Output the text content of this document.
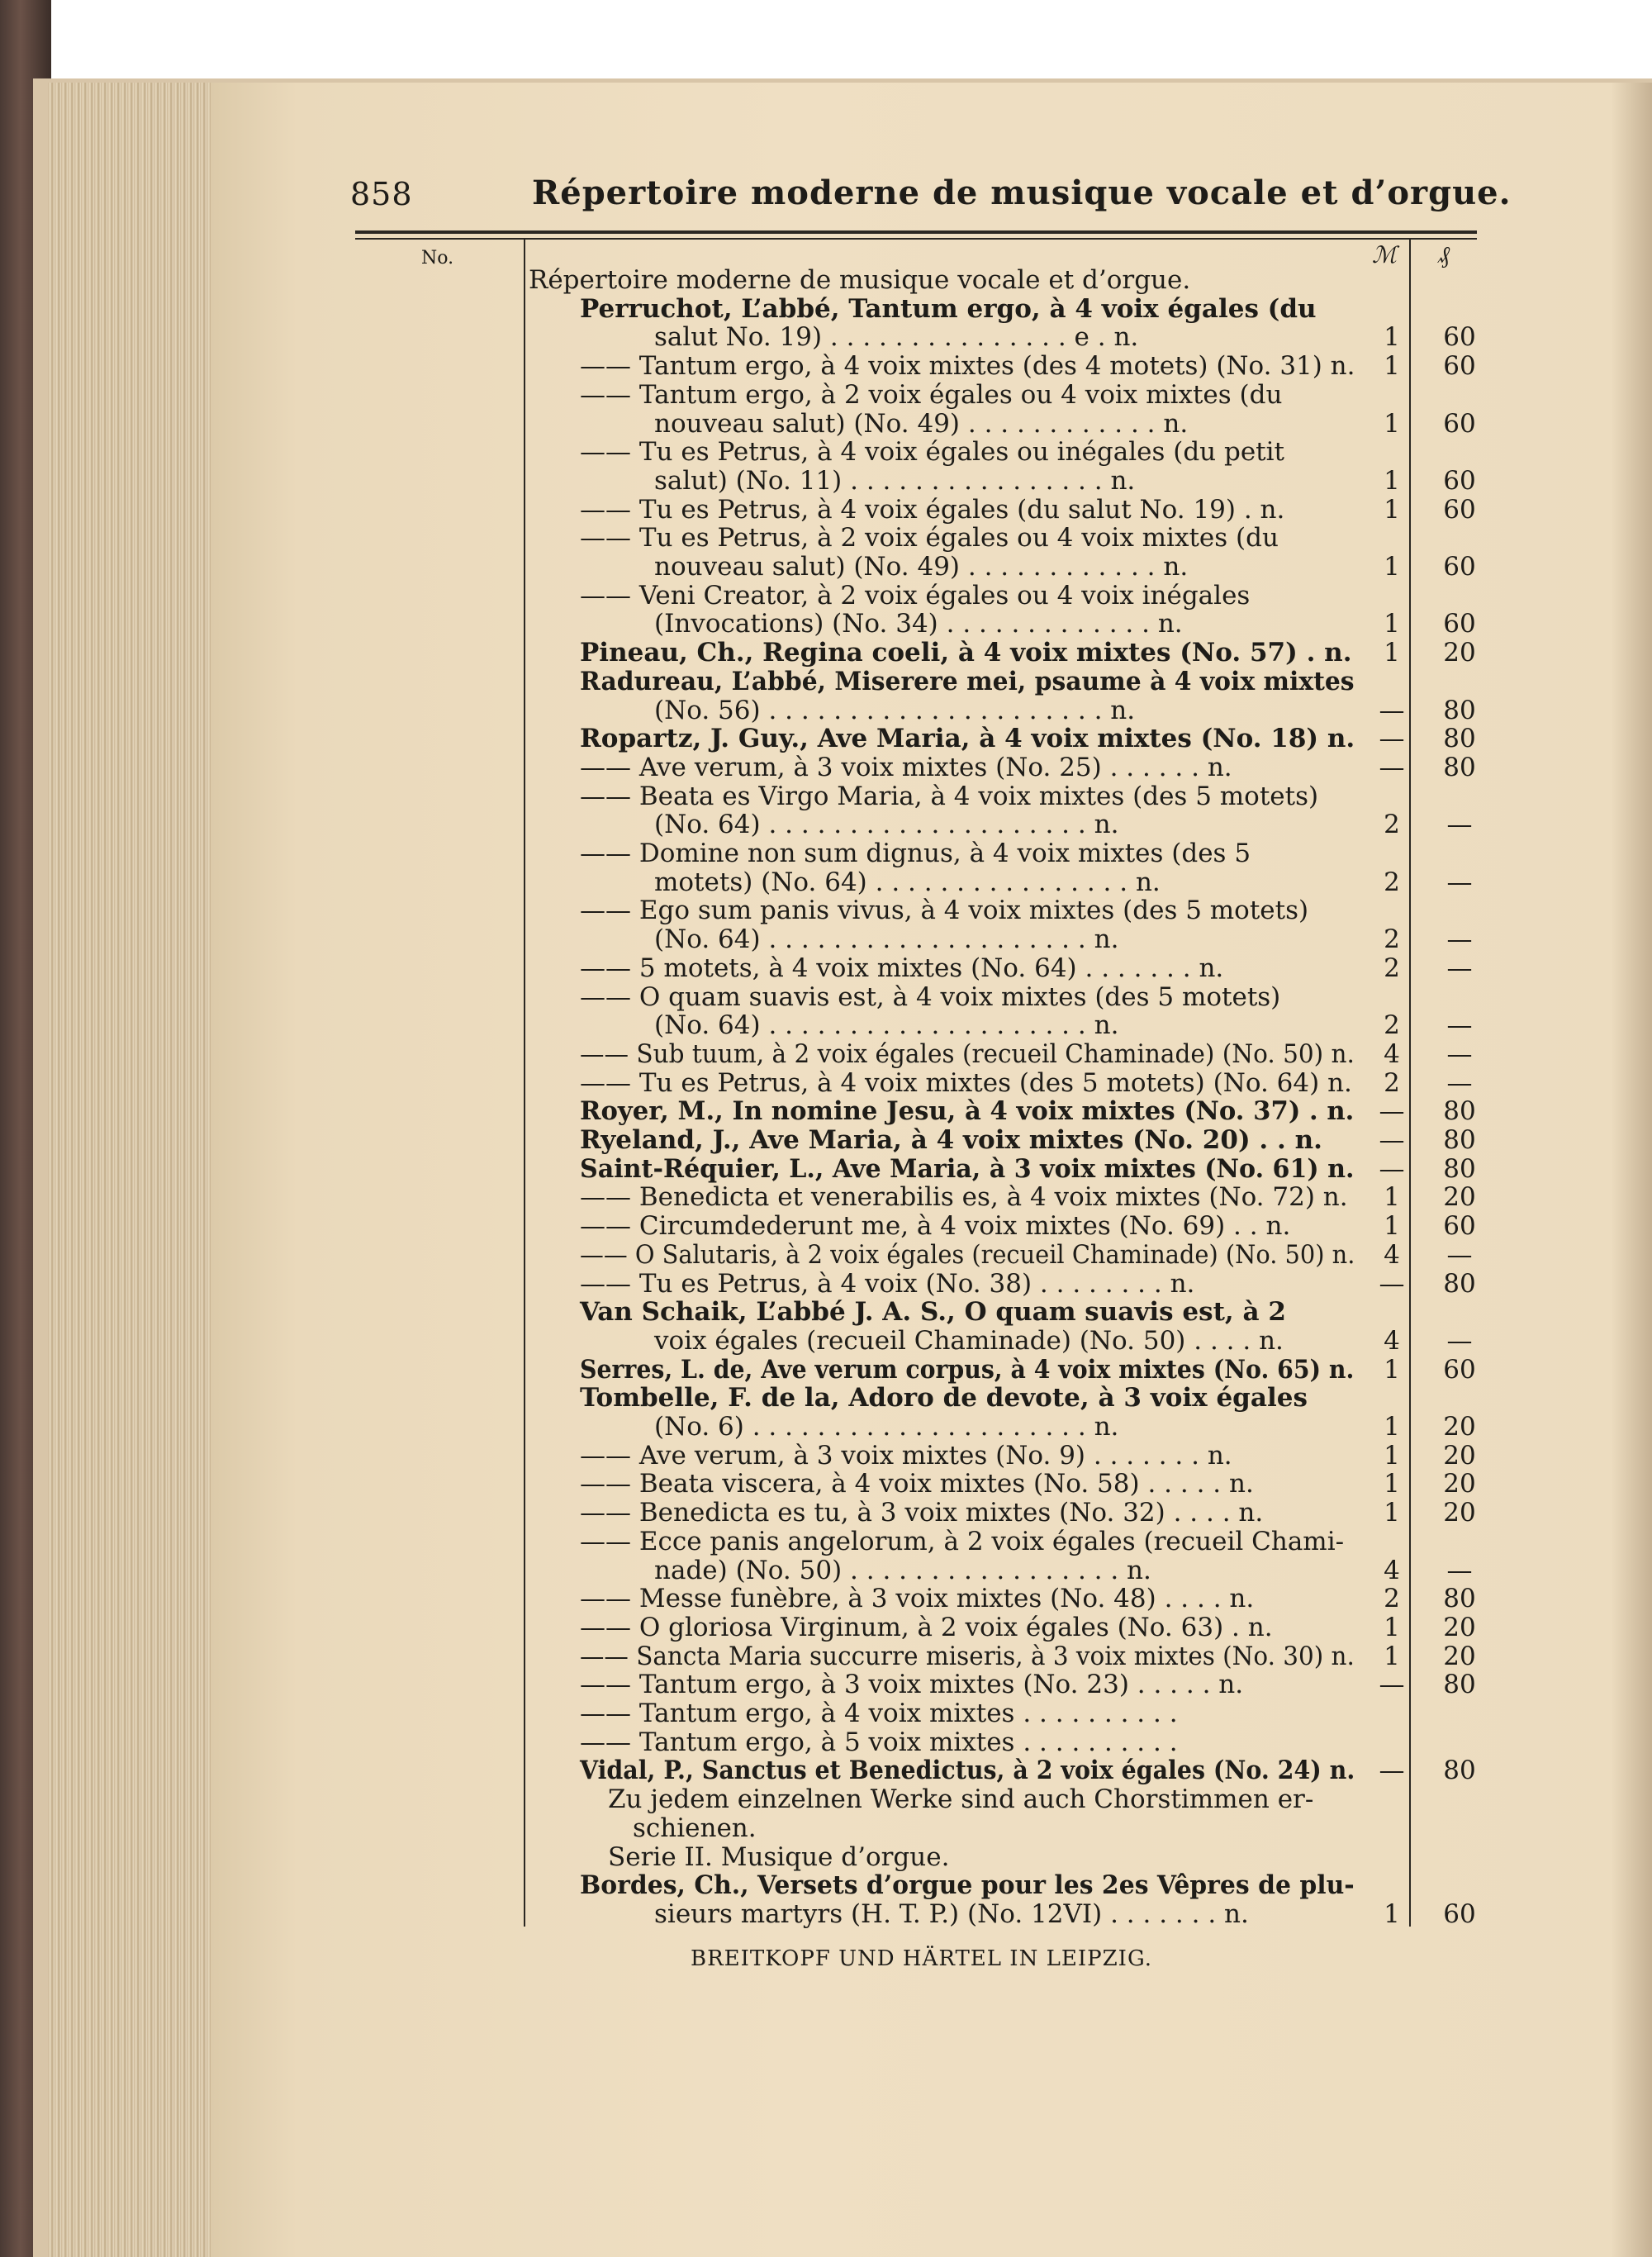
858	Répertoire moderne de musique vocale et d’orgue.
No.	ℳ	₰
Répertoire moderne de musique vocale et d’orgue.
Perruchot, L’abbé, Tantum ergo, à 4 voix égales (du
salut No. 19) . . . . . . . . . . . . . . . e . n.	1	60
—— Tantum ergo, à 4 voix mixtes (des 4 motets) (No. 31) n.	1	60
—— Tantum ergo, à 2 voix égales ou 4 voix mixtes (du
nouveau salut) (No. 49) . . . . . . . . . . . . n.	1	60
—— Tu es Petrus, à 4 voix égales ou inégales (du petit
salut) (No. 11) . . . . . . . . . . . . . . . . n.	1	60
—— Tu es Petrus, à 4 voix égales (du salut No. 19) . n.	1	60
—— Tu es Petrus, à 2 voix égales ou 4 voix mixtes (du
nouveau salut) (No. 49) . . . . . . . . . . . . n.	1	60
—— Veni Creator, à 2 voix égales ou 4 voix inégales
(Invocations) (No. 34) . . . . . . . . . . . . . n.	1	60
Pineau, Ch., Regina coeli, à 4 voix mixtes (No. 57) . n.	1	20
Radureau, L’abbé, Miserere mei, psaume à 4 voix mixtes
(No. 56) . . . . . . . . . . . . . . . . . . . . . n.	—	80
Ropartz, J. Guy., Ave Maria, à 4 voix mixtes (No. 18) n. —	80
—— Ave verum, à 3 voix mixtes (No. 25) . . . . . . n.	—	80
—— Beata es Virgo Maria, à 4 voix mixtes (des 5 motets)
(No. 64) . . . . . . . . . . . . . . . . . . . . n.	2	—
—— Domine non sum dignus, à 4 voix mixtes (des 5
motets) (No. 64) . . . . . . . . . . . . . . . . n.	2	—
—— Ego sum panis vivus, à 4 voix mixtes (des 5 motets)
(No. 64) . . . . . . . . . . . . . . . . . . . . n.	2	—
—— 5 motets, à 4 voix mixtes (No. 64) . . . . . . . n.	2	—
—— O quam suavis est, à 4 voix mixtes (des 5 motets)
(No. 64) . . . . . . . . . . . . . . . . . . . . n.	2	—
—— Sub tuum, à 2 voix égales (recueil Chaminade) (No. 50) n.	4	—
—— Tu es Petrus, à 4 voix mixtes (des 5 motets) (No. 64) n.	2	—
Royer, M., In nomine Jesu, à 4 voix mixtes (No. 37) . n. —	80
Ryeland, J., Ave Maria, à 4 voix mixtes (No. 20) . . n.	—	80
Saint-Réquier, L., Ave Maria, à 3 voix mixtes (No. 61) n. —	80
—— Benedicta et venerabilis es, à 4 voix mixtes (No. 72) n.	1	20
—— Circumdederunt me, à 4 voix mixtes (No. 69) . . n.	1	60
—— O Salutaris, à 2 voix égales (recueil Chaminade) (No. 50) n.	4	—
—— Tu es Petrus, à 4 voix (No. 38) . . . . . . . . n.	—	80
Van Schaik, L’abbé J. A. S., O quam suavis est, à 2
voix égales (recueil Chaminade) (No. 50) . . . . n.	4	—
Serres, L. de, Ave verum corpus, à 4 voix mixtes (No. 65) n.	1	60
Tombelle, F. de la, Adoro de devote, à 3 voix égales
(No. 6) . . . . . . . . . . . . . . . . . . . . . n.	1	20
—— Ave verum, à 3 voix mixtes (No. 9) . . . . . . . n.	1	20
—— Beata viscera, à 4 voix mixtes (No. 58) . . . . . n.	1	20
—— Benedicta es tu, à 3 voix mixtes (No. 32) . . . . n.	1	20
—— Ecce panis angelorum, à 2 voix égales (recueil Chami-
nade) (No. 50) . . . . . . . . . . . . . . . . . n.	4	—
—— Messe funèbre, à 3 voix mixtes (No. 48) . . . . n.	2	80
—— O gloriosa Virginum, à 2 voix égales (No. 63) . n.	1	20
—— Sancta Maria succurre miseris, à 3 voix mixtes (No. 30) n.	1	20
—— Tantum ergo, à 3 voix mixtes (No. 23) . . . . . n.	—	80
—— Tantum ergo, à 4 voix mixtes . . . . . . . . . .
—— Tantum ergo, à 5 voix mixtes . . . . . . . . . .
Vidal, P., Sanctus et Benedictus, à 2 voix égales (No. 24) n. —	80
Zu jedem einzelnen Werke sind auch Chorstimmen er-
schienen.
Serie II. Musique d’orgue.
Bordes, Ch., Versets d’orgue pour les 2es Vêpres de plu-
sieurs martyrs (H. T. P.) (No. 12VI) . . . . . . . n.	1	60
BREITKOPF UND HÄRTEL IN LEIPZIG.
